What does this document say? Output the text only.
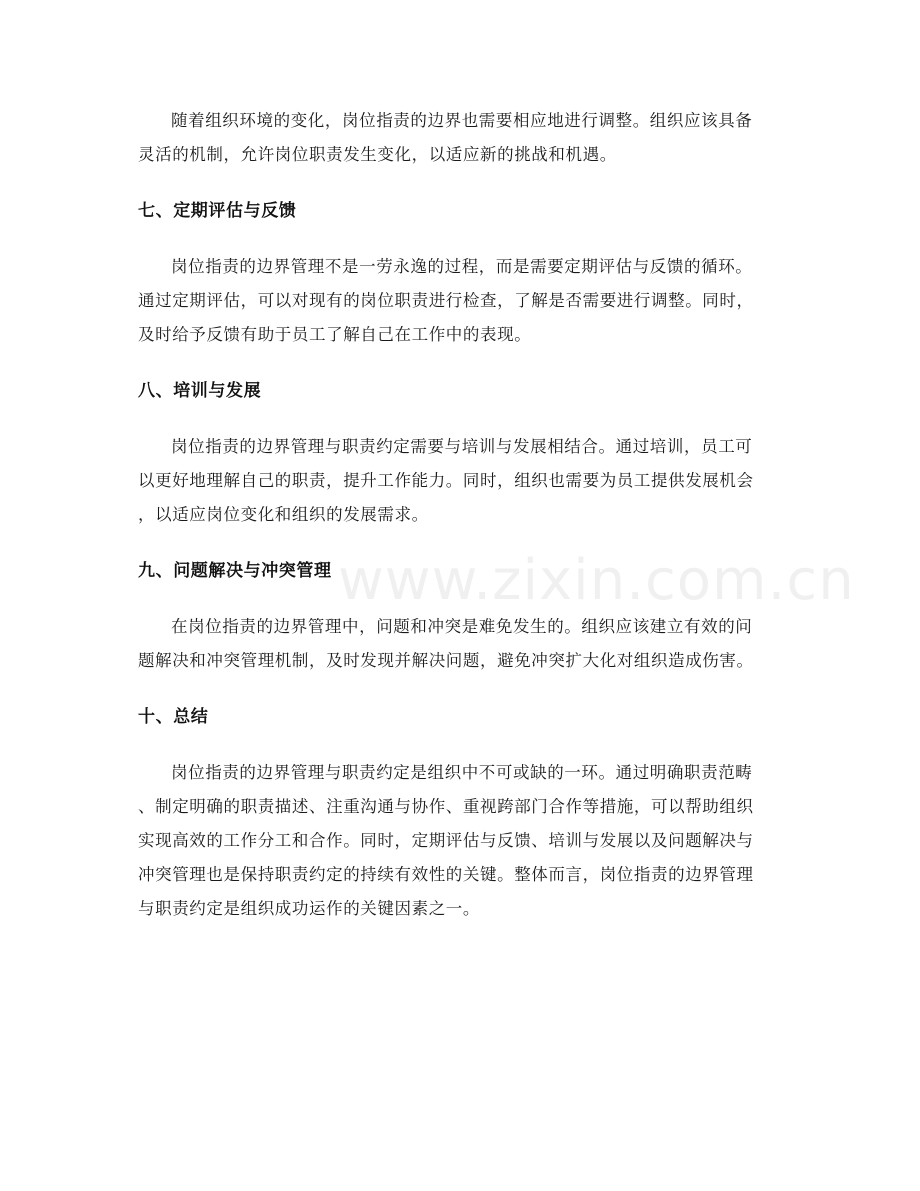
www.zixin.com.cn

随着组织环境的变化，岗位指责的边界也需要相应地进行调整。组织应该具备
灵活的机制，允许岗位职责发生变化，以适应新的挑战和机遇。

七、定期评估与反馈

岗位指责的边界管理不是一劳永逸的过程，而是需要定期评估与反馈的循环。
通过定期评估，可以对现有的岗位职责进行检查，了解是否需要进行调整。同时，
及时给予反馈有助于员工了解自己在工作中的表现。

八、培训与发展

岗位指责的边界管理与职责约定需要与培训与发展相结合。通过培训，员工可
以更好地理解自己的职责，提升工作能力。同时，组织也需要为员工提供发展机会
，以适应岗位变化和组织的发展需求。

九、问题解决与冲突管理

在岗位指责的边界管理中，问题和冲突是难免发生的。组织应该建立有效的问
题解决和冲突管理机制，及时发现并解决问题，避免冲突扩大化对组织造成伤害。

十、总结

岗位指责的边界管理与职责约定是组织中不可或缺的一环。通过明确职责范畴
、制定明确的职责描述、注重沟通与协作、重视跨部门合作等措施，可以帮助组织
实现高效的工作分工和合作。同时，定期评估与反馈、培训与发展以及问题解决与
冲突管理也是保持职责约定的持续有效性的关键。整体而言，岗位指责的边界管理
与职责约定是组织成功运作的关键因素之一。
